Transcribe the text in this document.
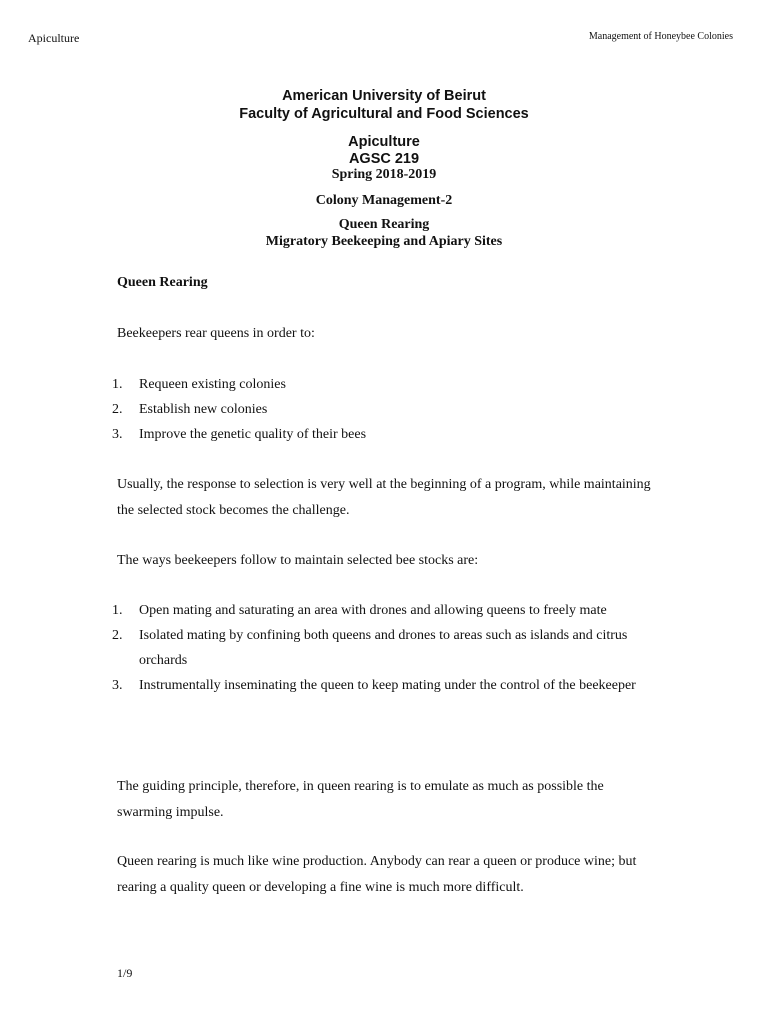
Apiculture	Management of Honeybee Colonies
American University of Beirut
Faculty of Agricultural and Food Sciences
Apiculture
AGSC 219
Spring 2018-2019
Colony Management-2
Queen Rearing
Migratory Beekeeping and Apiary Sites
Queen Rearing
Beekeepers rear queens in order to:
1. Requeen existing colonies
2. Establish new colonies
3. Improve the genetic quality of their bees
Usually, the response to selection is very well at the beginning of a program, while maintaining the selected stock becomes the challenge.
The ways beekeepers follow to maintain selected bee stocks are:
1. Open mating and saturating an area with drones and allowing queens to freely mate
2. Isolated mating by confining both queens and drones to areas such as islands and citrus orchards
3. Instrumentally inseminating the queen to keep mating under the control of the beekeeper
The guiding principle, therefore, in queen rearing is to emulate as much as possible the swarming impulse.
Queen rearing is much like wine production. Anybody can rear a queen or produce wine; but rearing a quality queen or developing a fine wine is much more difficult.
1/9
